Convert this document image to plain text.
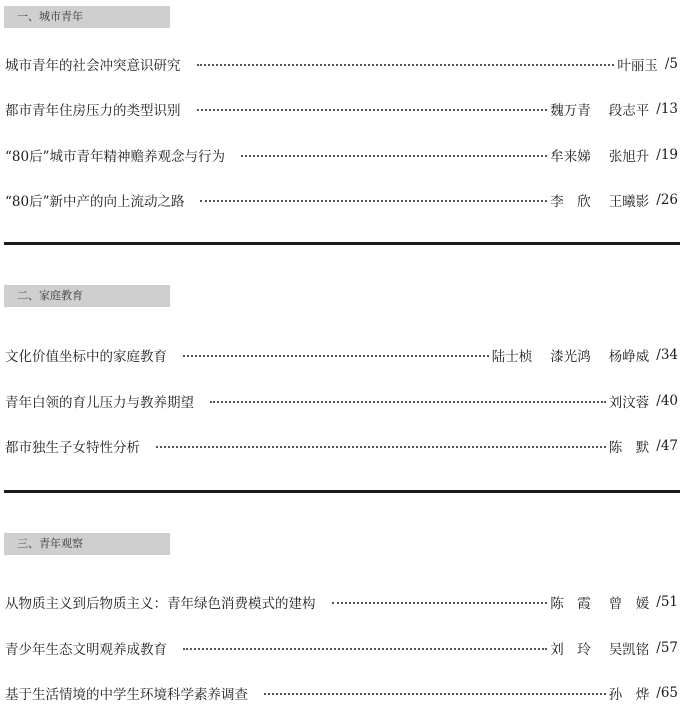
一、城市青年
城市青年的社会冲突意识研究	叶丽玉 /5
都市青年住房压力的类型识别	魏万青 段志平 /13
“80后”城市青年精神赡养观念与行为	牟来娣 张旭升 /19
“80后”新中产的向上流动之路	李　欣 王曦影 /26
二、家庭教育
文化价值坐标中的家庭教育	陆士桢 漆光鸿 杨峥威 /34
青年白领的育儿压力与教养期望	刘汶蓉 /40
都市独生子女特性分析	陈　默 /47
三、青年观察
从物质主义到后物质主义：青年绿色消费模式的建构	陈　霞 曾　媛 /51
青少年生态文明观养成教育	刘　玲 吴凯铭 /57
基于生活情境的中学生环境科学素养调查	孙　烨 /65
